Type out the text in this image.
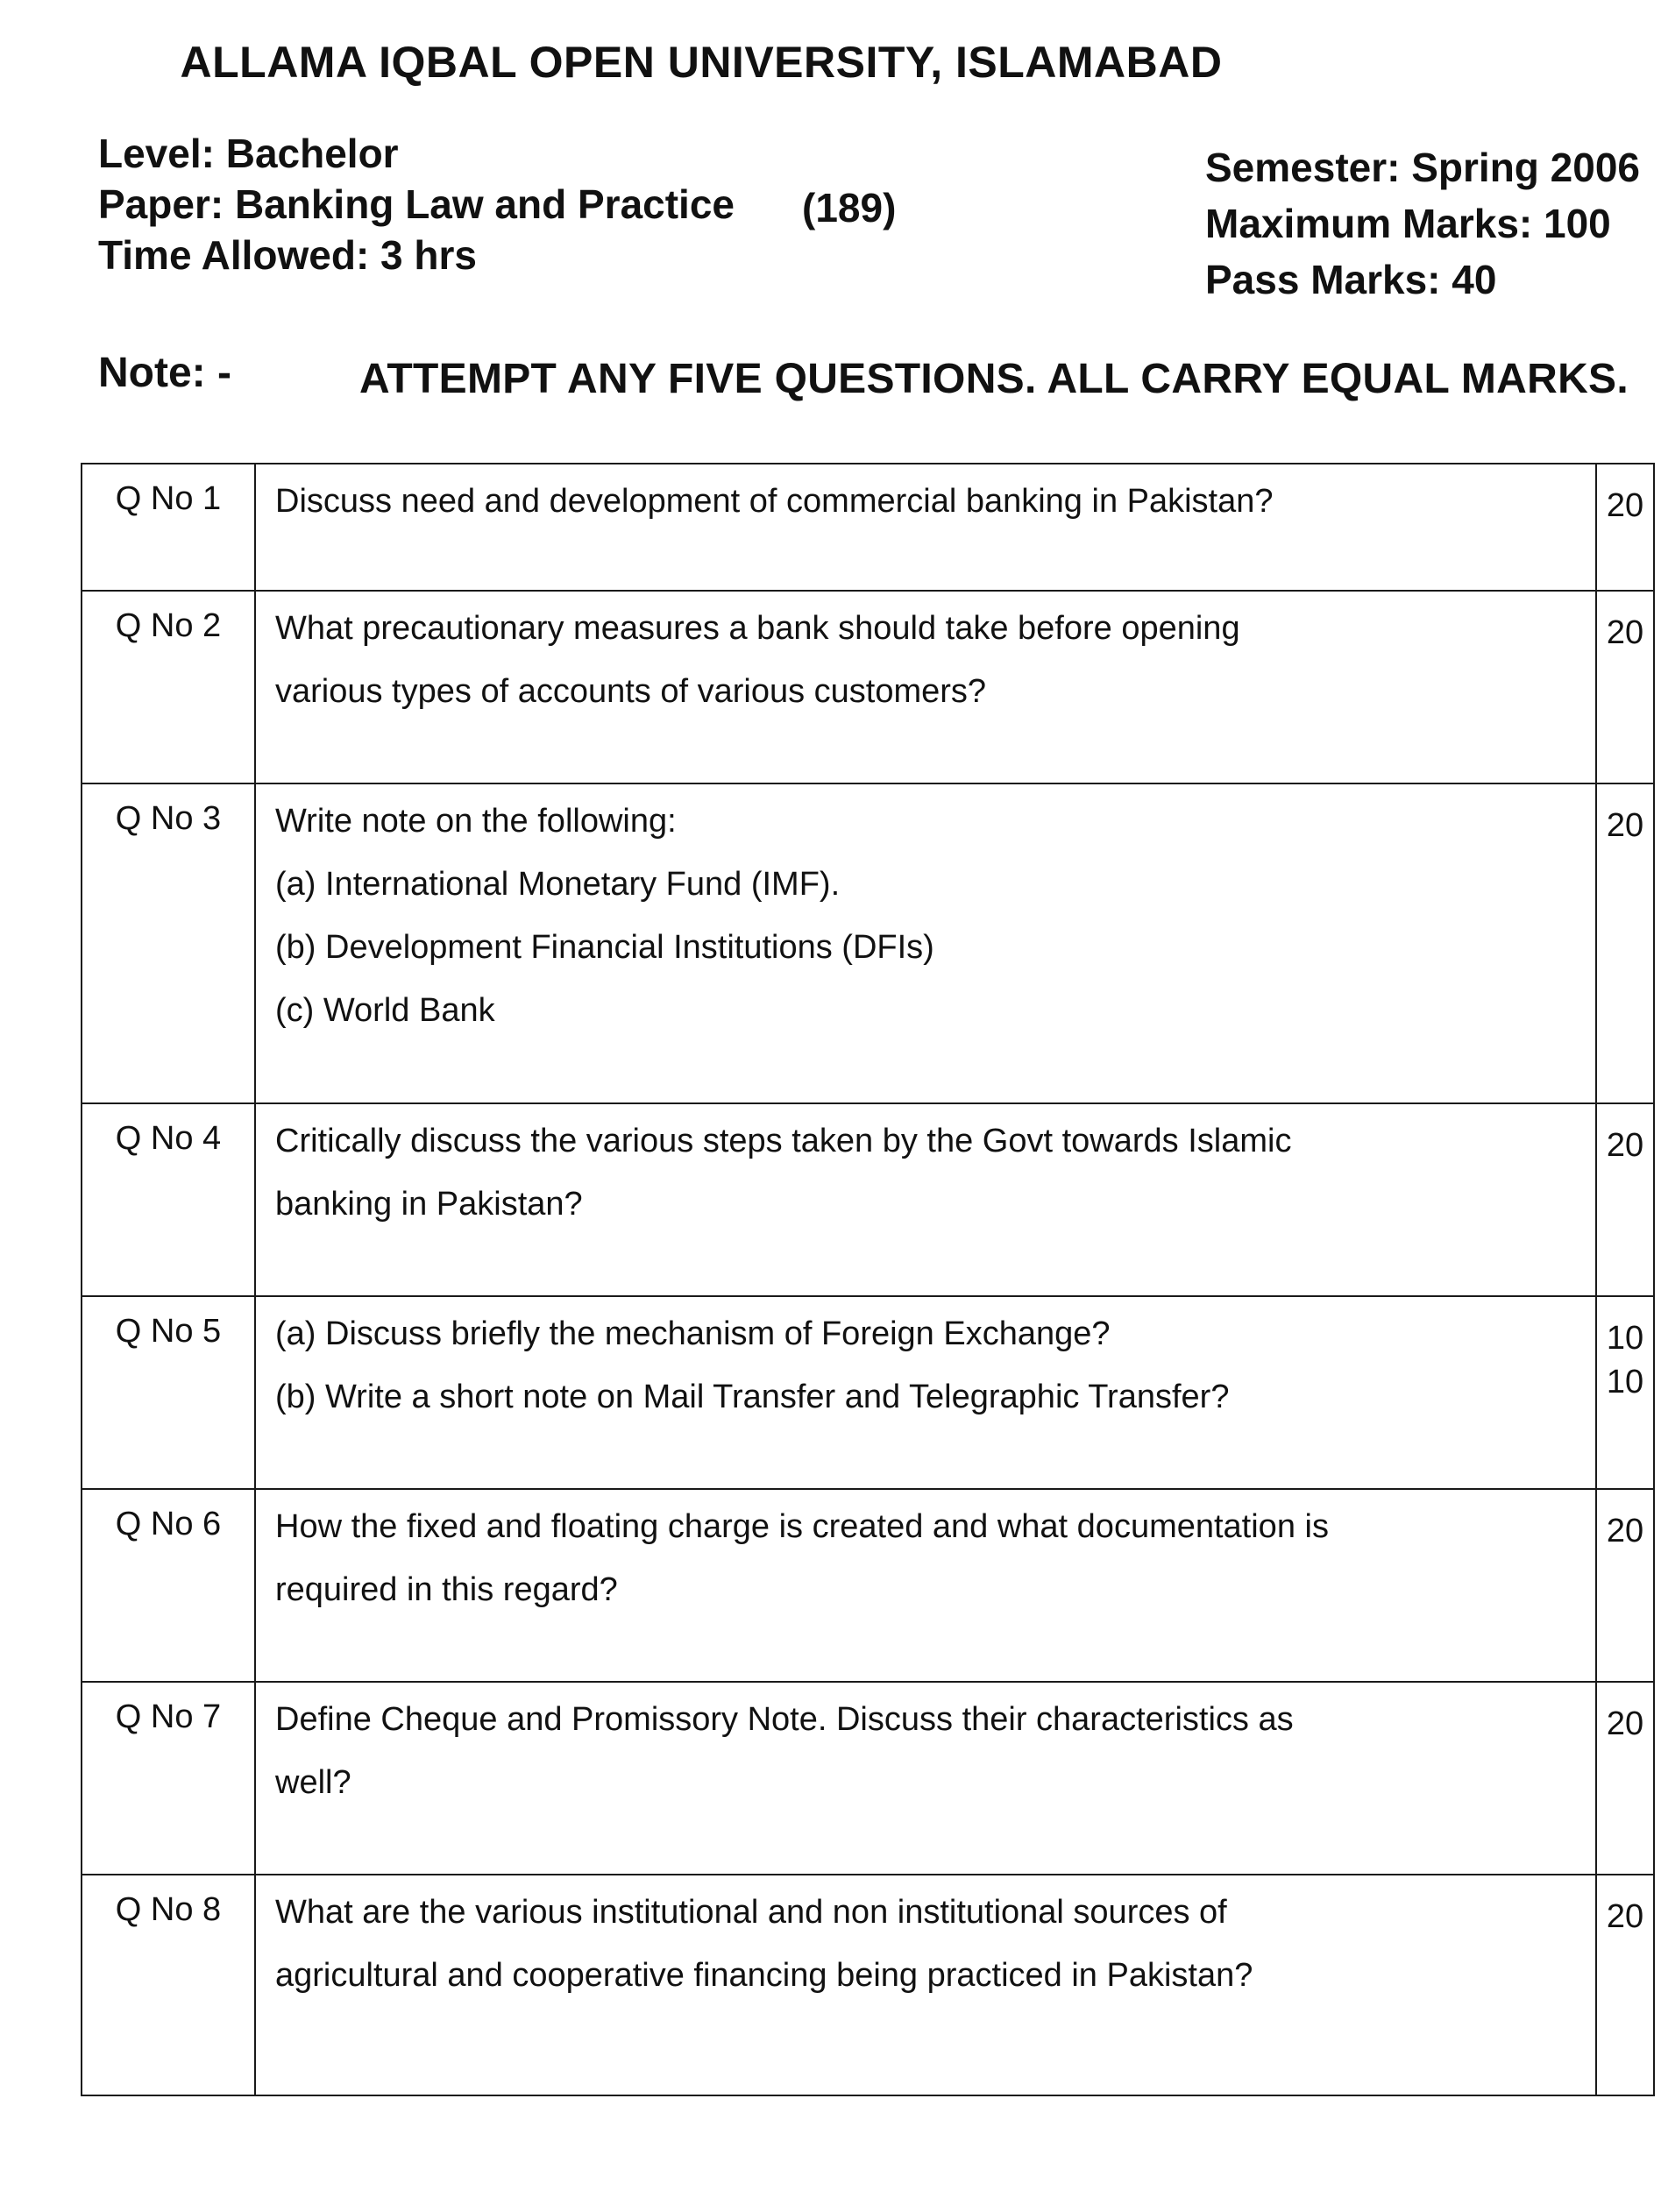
ALLAMA IQBAL OPEN UNIVERSITY, ISLAMABAD
Level: Bachelor
Paper: Banking Law and Practice
Time Allowed: 3 hrs
(189)
Semester: Spring 2006
Maximum Marks: 100
Pass Marks: 40
Note: -	ATTEMPT ANY FIVE QUESTIONS. ALL CARRY EQUAL MARKS.
Q No 1	Discuss need and development of commercial banking in Pakistan?	20

Q No 2	What precautionary measures a bank should take before opening
various types of accounts of various customers?	20

Q No 3	Write note on the following:
(a) International Monetary Fund (IMF).
(b) Development Financial Institutions (DFIs)
(c) World Bank	20

Q No 4	Critically discuss the various steps taken by the Govt towards Islamic
banking in Pakistan?	20

Q No 5	(a) Discuss briefly the mechanism of Foreign Exchange?
(b) Write a short note on Mail Transfer and Telegraphic Transfer?	10
10

Q No 6	How the fixed and floating charge is created and what documentation is
required in this regard?	20

Q No 7	Define Cheque and Promissory Note. Discuss their characteristics as
well?	20

Q No 8	What are the various institutional and non institutional sources of
agricultural and cooperative financing being practiced in Pakistan?	20
